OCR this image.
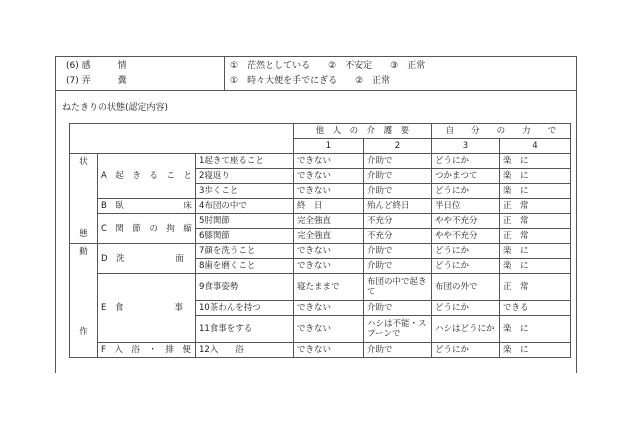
(6) 感　　　情	①　茫然としている　　②　不安定　　③　正常
(7) 弄　　　糞	①　時々大便を手でにぎる　　②　正常
ねたきりの状態(認定内容)
			他　人　の　介　護　要		自　　分　　の　　力　　で	
			1	2	3	4

状
態	A　起　き　る　こ　と	1起きて座ること	できない	介助で	どうにか	楽　に
		2寝返り	できない	介助で	つかまつて	楽　に
		3歩くこと	できない	介助で	どうにか	楽　に
	B　臥　　　　　　　床	4布団の中で	終　日	殆んど終日	半日位	正　常
	C　関　節　の　拘　縮	5肘関節	完全強直	不充分	やや不充分	正　常
		6膝関節	完全強直	不充分	やや不充分	正　常

動
作	D　洗　　　　　　面	7顔を洗うこと	できない	介助で	どうにか	楽　に
		8歯を磨くこと	できない	介助で	どうにか	楽　に
	E　食　　　　　　事	9食事姿勢	寝たままで	布団の中で起きて	布団の外で	正　常
		10茶わんを持つ	できない	介助で	どうにか	できる
		11食事をする	できない	ハシは不能・スプーンで	ハシはどうにか	楽　に
	F　入　浴　・　排　便	12入　　浴	できない	介助で	どうにか	楽　に
